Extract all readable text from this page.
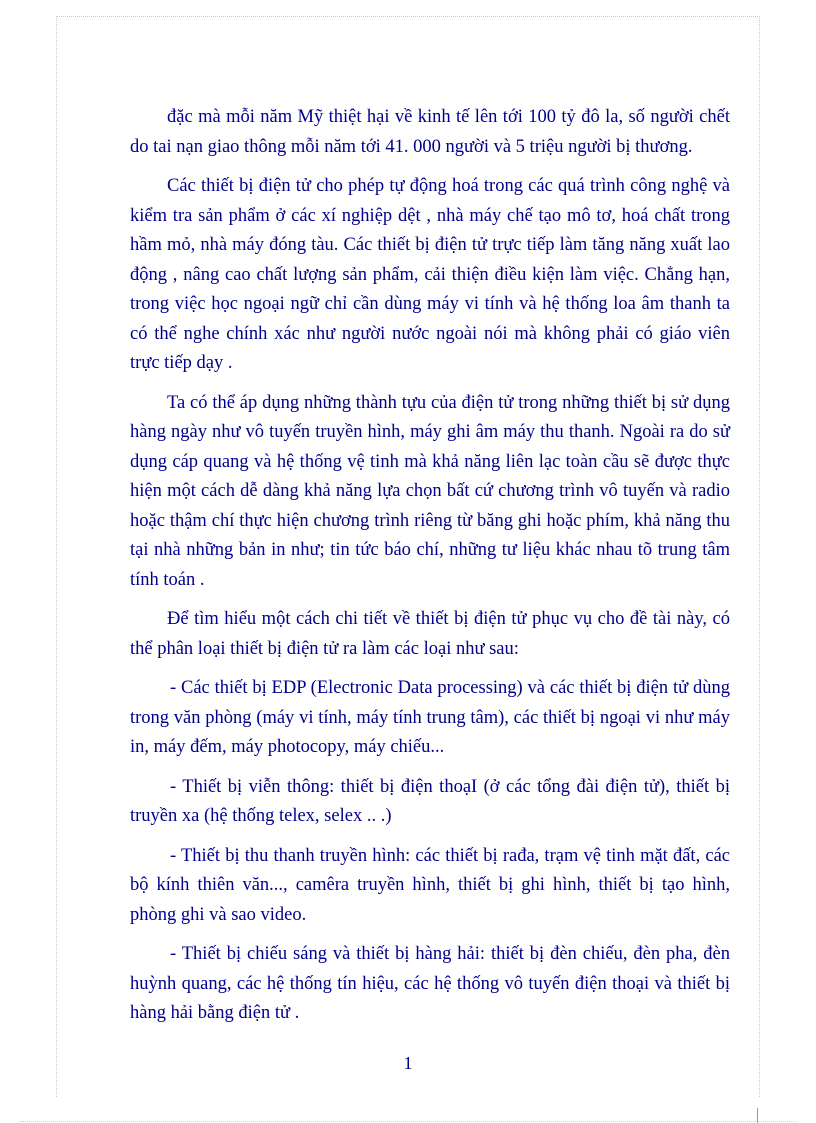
đặc mà mỗi năm Mỹ thiệt hại về kinh tế lên tới 100 tỷ đô la, số người chết do tai nạn giao thông mỗi năm tới 41. 000 người và 5 triệu người bị thương.

Các thiết bị điện tử cho phép tự động hoá trong các quá trình công nghệ và kiểm tra sản phẩm ở các xí nghiệp dệt , nhà máy chế tạo mô tơ, hoá chất trong hầm mỏ, nhà máy đóng tàu. Các thiết bị điện tử trực tiếp làm tăng năng xuất lao động , nâng cao chất lượng sản phẩm, cải thiện điều kiện làm việc. Chẳng hạn, trong việc học ngoại ngữ chỉ cần dùng máy vi tính và hệ thống loa âm thanh ta có thể nghe chính xác như người nước ngoài nói mà không phải có giáo viên trực tiếp dạy .

Ta có thể áp dụng những thành tựu của điện tử trong những thiết bị sử dụng hàng ngày như vô tuyến truyền hình, máy ghi âm máy thu thanh. Ngoài ra do sử dụng cáp quang và hệ thống vệ tinh mà khả năng liên lạc toàn cầu sẽ được thực hiện một cách dễ dàng khả năng lựa chọn bất cứ chương trình vô tuyến và radio hoặc thậm chí thực hiện chương trình riêng từ băng ghi hoặc phím, khả năng thu tại nhà những bản in như; tin tức báo chí, những tư liệu khác nhau tõ trung tâm tính toán .

Để tìm hiểu một cách chi tiết về thiết bị điện tử phục vụ cho đề tài này, có thể phân loại thiết bị điện tử ra làm các loại như sau:

- Các thiết bị EDP (Electronic Data processing) và các thiết bị điện tử dùng trong văn phòng (máy vi tính, máy tính trung tâm), các thiết bị ngoại vi như máy in, máy đếm, máy photocopy, máy chiếu...

- Thiết bị viễn thông: thiết bị điện thoạI (ở các tổng đài điện tử), thiết bị truyền xa (hệ thống telex, selex .. .)

- Thiết bị thu thanh truyền hình: các thiết bị rađa, trạm vệ tinh mặt đất, các bộ kính thiên văn..., camêra truyền hình, thiết bị ghi hình, thiết bị tạo hình, phòng ghi và sao video.

- Thiết bị chiếu sáng và thiết bị hàng hải: thiết bị đèn chiếu, đèn pha, đèn huỳnh quang, các hệ thống tín hiệu, các hệ thống vô tuyến điện thoại và thiết bị hàng hải bằng điện tử .

1
